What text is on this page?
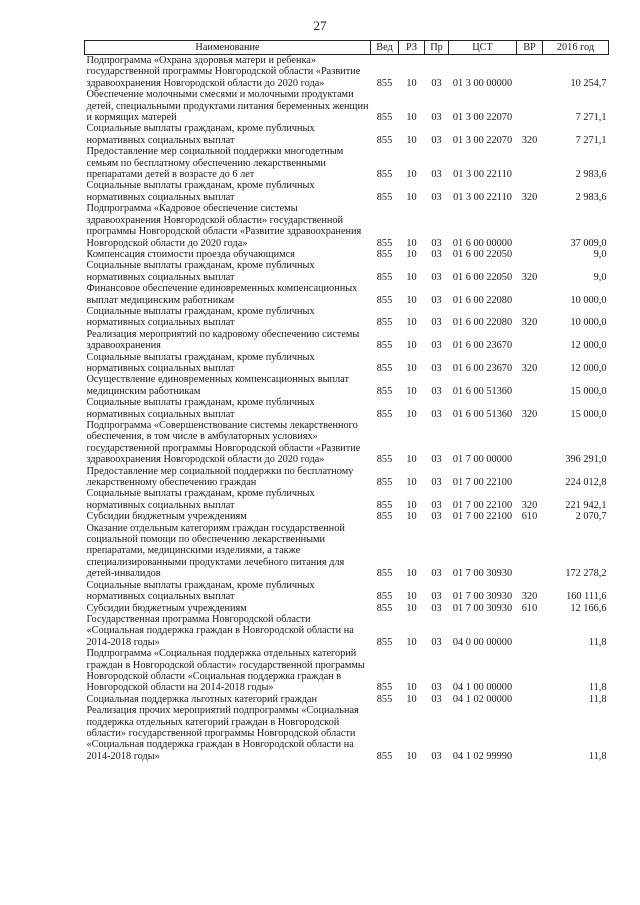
27
Наименование	Вед	РЗ	Пр	ЦСТ	ВР	2016 год
Подпрограмма «Охрана здоровья матери и ребенка» государственной программы Новгородской области «Развитие здравоохранения Новгородской области до 2020 года»	855	10	03	01 3 00 00000		10 254,7
Обеспечение молочными смесями и молочными продуктами детей, специальными продуктами питания беременных женщин и кормящих матерей	855	10	03	01 3 00 22070		7 271,1
Социальные выплаты гражданам, кроме публичных нормативных социальных выплат	855	10	03	01 3 00 22070	320	7 271,1
Предоставление мер социальной поддержки многодетным семьям по бесплатному обеспечению лекарственными препаратами детей в возрасте до 6 лет	855	10	03	01 3 00 22110		2 983,6
Социальные выплаты гражданам, кроме публичных нормативных социальных выплат	855	10	03	01 3 00 22110	320	2 983,6
Подпрограмма «Кадровое обеспечение системы здравоохранения Новгородской области» государственной программы Новгородской области «Развитие здравоохранения Новгородской области до 2020 года»	855	10	03	01 6 00 00000		37 009,0
Компенсация стоимости проезда обучающимся	855	10	03	01 6 00 22050		9,0
Социальные выплаты гражданам, кроме публичных нормативных социальных выплат	855	10	03	01 6 00 22050	320	9,0
Финансовое обеспечение единовременных компенсационных выплат медицинским работникам	855	10	03	01 6 00 22080		10 000,0
Социальные выплаты гражданам, кроме публичных нормативных социальных выплат	855	10	03	01 6 00 22080	320	10 000,0
Реализация мероприятий по кадровому обеспечению системы здравоохранения	855	10	03	01 6 00 23670		12 000,0
Социальные выплаты гражданам, кроме публичных нормативных социальных выплат	855	10	03	01 6 00 23670	320	12 000,0
Осуществление единовременных компенсационных выплат медицинским работникам	855	10	03	01 6 00 51360		15 000,0
Социальные выплаты гражданам, кроме публичных нормативных социальных выплат	855	10	03	01 6 00 51360	320	15 000,0
Подпрограмма «Совершенствование системы лекарственного обеспечения, в том числе в амбулаторных условиях» государственной программы Новгородской области «Развитие здравоохранения Новгородской области до 2020 года»	855	10	03	01 7 00 00000		396 291,0
Предоставление мер социальной поддержки по бесплатному лекарственному обеспечению граждан	855	10	03	01 7 00 22100		224 012,8
Социальные выплаты гражданам, кроме публичных нормативных социальных выплат	855	10	03	01 7 00 22100	320	221 942,1
Субсидии бюджетным учреждениям	855	10	03	01 7 00 22100	610	2 070,7
Оказание отдельным категориям граждан государственной социальной помощи по обеспечению лекарственными препаратами, медицинскими изделиями, а также специализированными продуктами лечебного питания для детей-инвалидов	855	10	03	01 7 00 30930		172 278,2
Социальные выплаты гражданам, кроме публичных нормативных социальных выплат	855	10	03	01 7 00 30930	320	160 111,6
Субсидии бюджетным учреждениям	855	10	03	01 7 00 30930	610	12 166,6
Государственная программа Новгородской области «Социальная поддержка граждан в Новгородской области на 2014-2018 годы»	855	10	03	04 0 00 00000		11,8
Подпрограмма «Социальная поддержка отдельных категорий граждан в Новгородской области» государственной программы Новгородской области «Социальная поддержка граждан в Новгородской области на 2014-2018 годы»	855	10	03	04 1 00 00000		11,8
Социальная поддержка льготных категорий граждан	855	10	03	04 1 02 00000		11,8
Реализация прочих мероприятий подпрограммы «Социальная поддержка отдельных категорий граждан в Новгородской области» государственной программы Новгородской области «Социальная поддержка граждан в Новгородской области на 2014-2018 годы»	855	10	03	04 1 02 99990		11,8
